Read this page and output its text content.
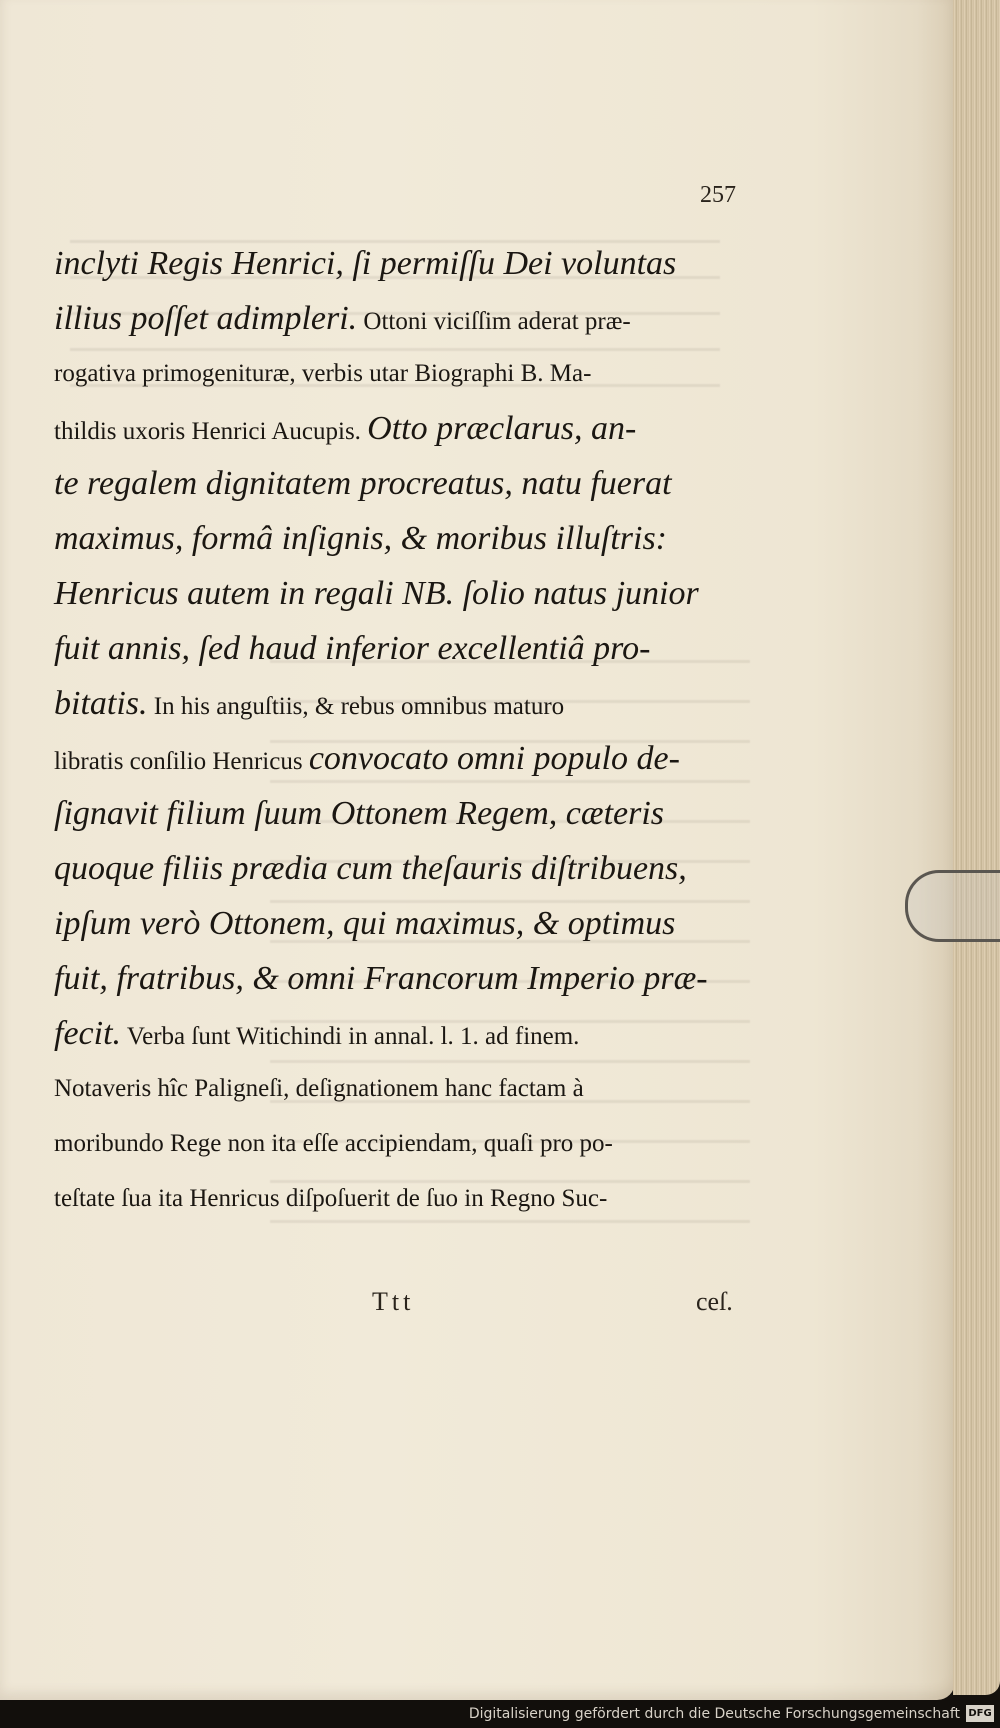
257
inclyti Regis Henrici, ſi permiſſu Dei voluntas
illius poſſet adimpleri. Ottoni viciſſim aderat præ-
rogativa primogenituræ, verbis utar Biographi B. Ma-
thildis uxoris Henrici Aucupis. Otto præclarus, an-
te regalem dignitatem procreatus, natu fuerat
maximus, formâ inſignis, & moribus illuſtris:
Henricus autem in regali NB. ſolio natus junior
fuit annis, ſed haud inferior excellentiâ pro-
bitatis. In his anguſtiis, & rebus omnibus maturo
libratis conſilio Henricus convocato omni populo de-
ſignavit filium ſuum Ottonem Regem, cæteris
quoque filiis prædia cum theſauris diſtribuens,
ipſum verò Ottonem, qui maximus, & optimus
fuit, fratribus, & omni Francorum Imperio præ-
fecit. Verba ſunt Witichindi in annal. l. 1. ad finem.
Notaveris hîc Paligneſi, deſignationem hanc factam à
moribundo Rege non ita eſſe accipiendam, quaſi pro po-
teſtate ſua ita Henricus diſpoſuerit de ſuo in Regno Suc-
Ttt	ceſ.
Digitalisierung gefördert durch die Deutsche Forschungsgemeinschaft DFG
